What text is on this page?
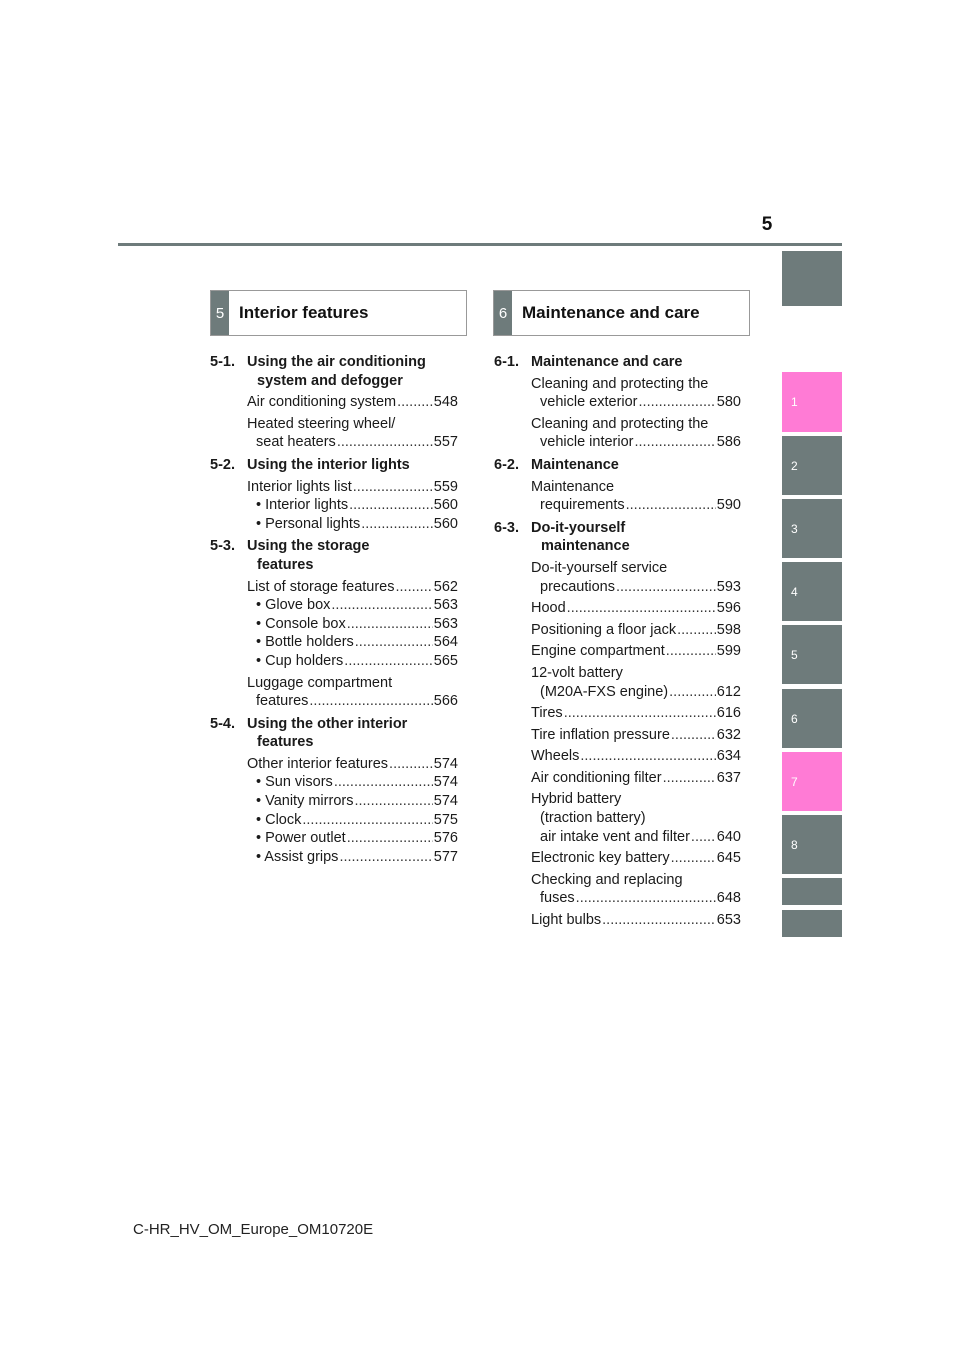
5
1
2
3
4
5
6
7
8
5 Interior features	6 Maintenance and care
5-1. Using the air conditioning
system and defogger
Air conditioning system .....	548
Heated steering wheel/
seat heaters .....	557
5-2. Using the interior lights
Interior lights list .....	559
• Interior lights .....	560
• Personal lights .....	560
5-3. Using the storage
features
List of storage features .....	562
• Glove box .....	563
• Console box .....	563
• Bottle holders .....	564
• Cup holders .....	565
Luggage compartment
features .....	566
5-4. Using the other interior
features
Other interior features .....	574
• Sun visors .....	574
• Vanity mirrors .....	574
• Clock .....	575
• Power outlet .....	576
• Assist grips .....	577
6-1. Maintenance and care
Cleaning and protecting the
vehicle exterior .....	580
Cleaning and protecting the
vehicle interior .....	586
6-2. Maintenance
Maintenance
requirements .....	590
6-3. Do-it-yourself
maintenance
Do-it-yourself service
precautions .....	593
Hood .....	596
Positioning a floor jack .....	598
Engine compartment .....	599
12-volt battery
(M20A-FXS engine) .....	612
Tires .....	616
Tire inflation pressure .....	632
Wheels .....	634
Air conditioning filter .....	637
Hybrid battery
(traction battery)
air intake vent and filter ..... 640
Electronic key battery .....	645
Checking and replacing
fuses .....	648
Light bulbs .....	653
C-HR_HV_OM_Europe_OM10720E
